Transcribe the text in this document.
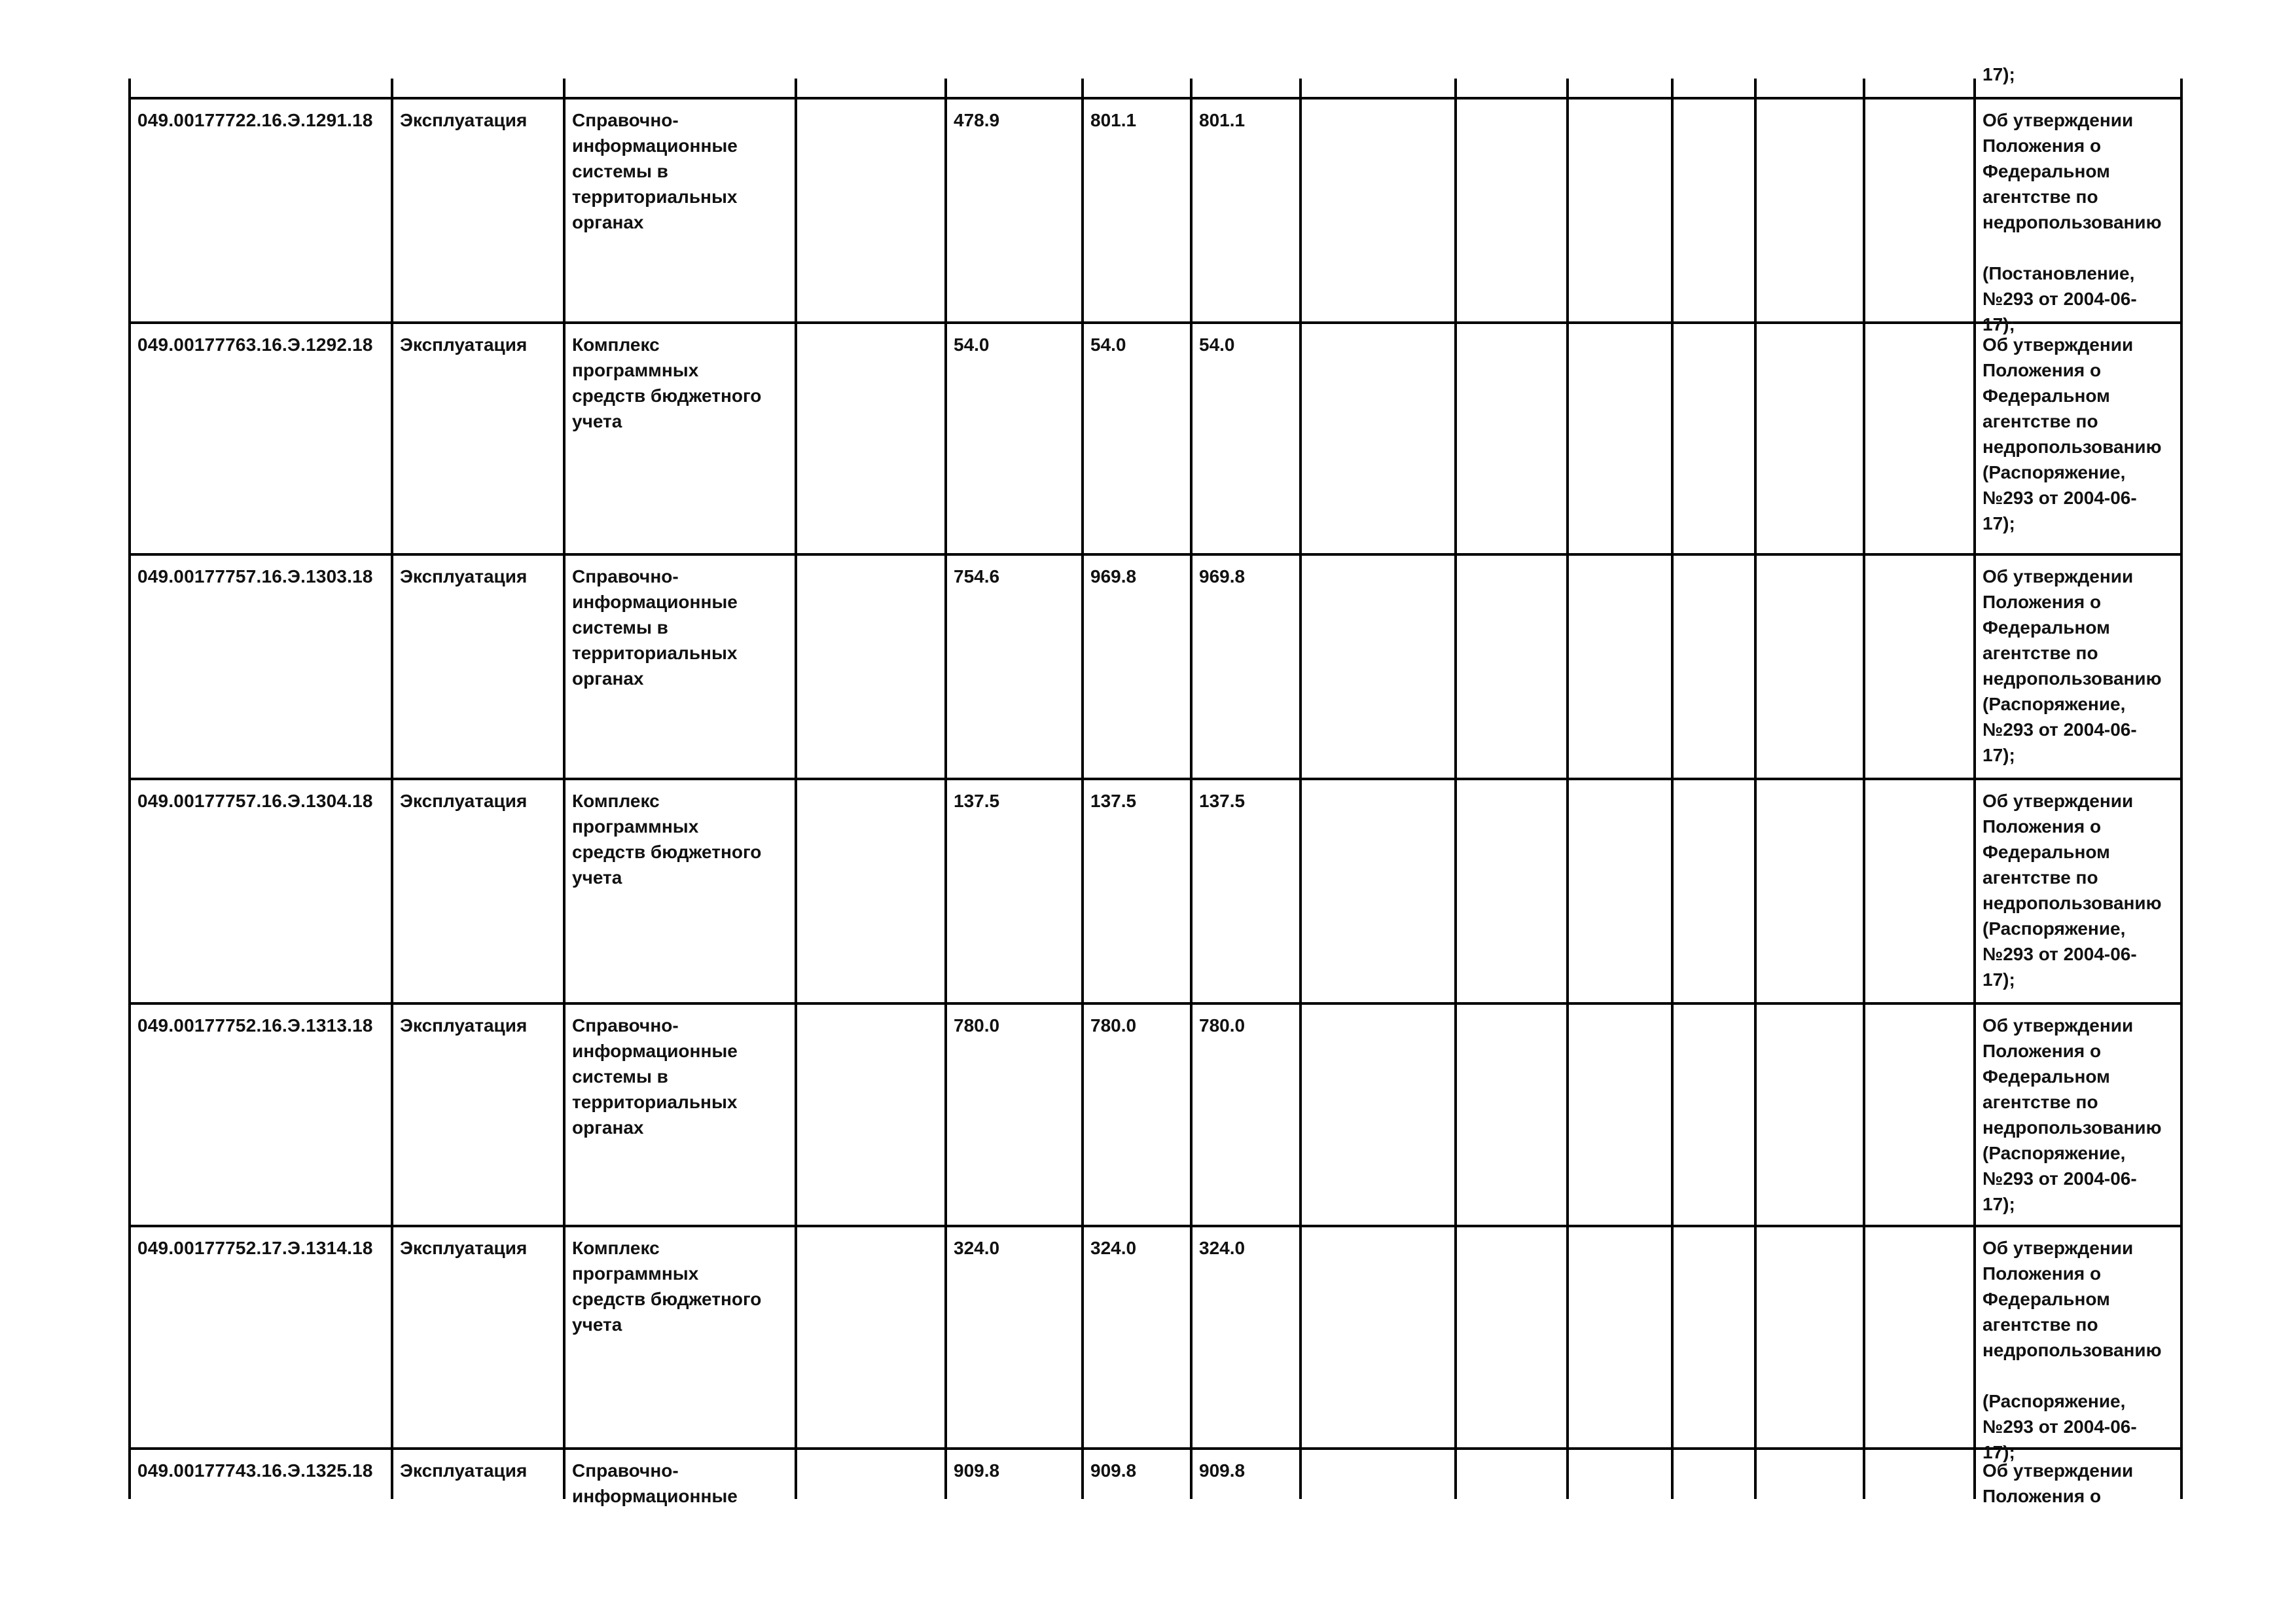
17);
049.00177722.16.Э.1291.18	Эксплуатация	Справочно-
информационные
системы в
территориальных
органах
478.9	801.1	801.1	Об утверждении
Положения о
Федеральном
агентстве по
недропользованию

(Постановление,
№293 от 2004-06-
17);
049.00177763.16.Э.1292.18	Эксплуатация	Комплекс программных
средств бюджетного
учета
54.0	54.0	54.0	Об утверждении
Положения о
Федеральном
агентстве по
недропользованию
(Распоряжение,
№293 от 2004-06-
17);
049.00177757.16.Э.1303.18	Эксплуатация	Справочно-
информационные
системы в
территориальных
органах
754.6	969.8	969.8	Об утверждении
Положения о
Федеральном
агентстве по
недропользованию
(Распоряжение,
№293 от 2004-06-
17);
049.00177757.16.Э.1304.18	Эксплуатация	Комплекс программных
средств бюджетного
учета
137.5	137.5	137.5	Об утверждении
Положения о
Федеральном
агентстве по
недропользованию
(Распоряжение,
№293 от 2004-06-
17);
049.00177752.16.Э.1313.18	Эксплуатация	Справочно-
информационные
системы в
территориальных
органах
780.0	780.0	780.0	Об утверждении
Положения о
Федеральном
агентстве по
недропользованию
(Распоряжение,
№293 от 2004-06-
17);
049.00177752.17.Э.1314.18	Эксплуатация	Комплекс программных
средств бюджетного
учета
324.0	324.0	324.0	Об утверждении
Положения о
Федеральном
агентстве по
недропользованию

(Распоряжение,
№293 от 2004-06-
17);
049.00177743.16.Э.1325.18	Эксплуатация	Справочно-
информационные
909.8	909.8	909.8	Об утверждении
Положения о
